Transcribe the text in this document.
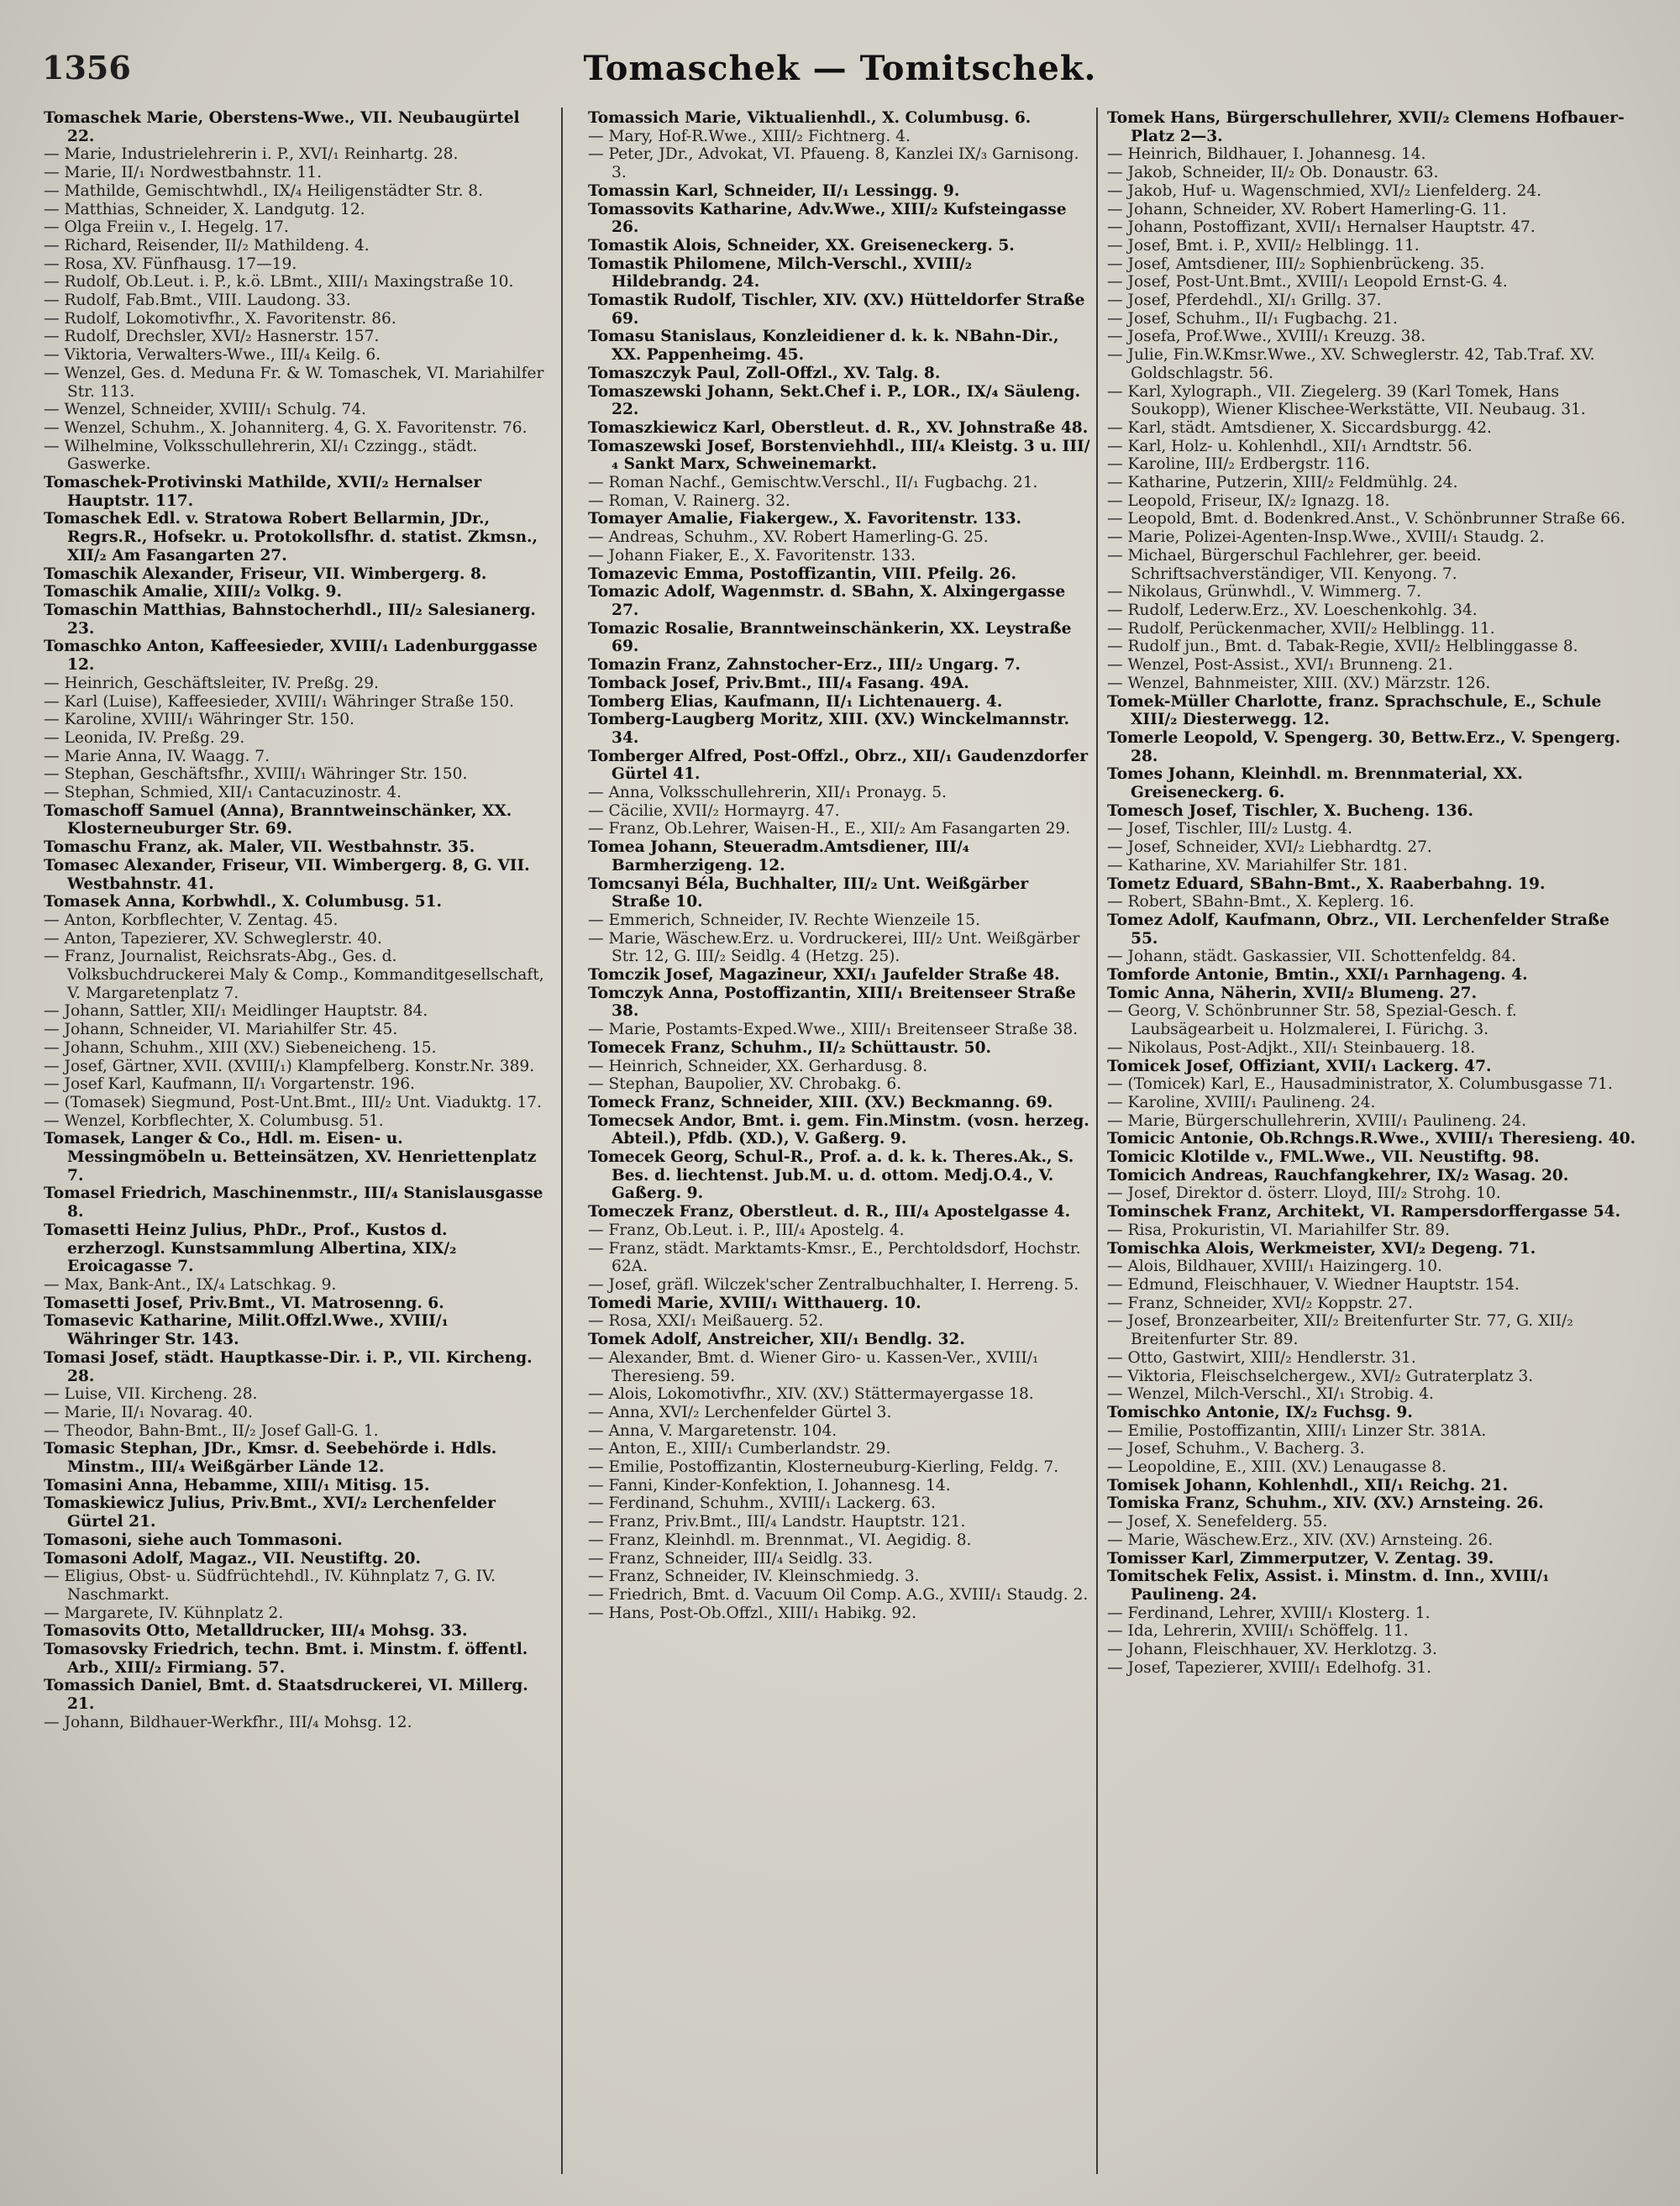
1356	Tomaschek — Tomitschek.
Tomaschek Marie, Oberstens-Wwe., VII. Neubaugürtel 22.
— Marie, Industrielehrerin i. P., XVI/₁ Reinhartg. 28.
— Marie, II/₁ Nordwestbahnstr. 11.
— Mathilde, Gemischtwhdl., IX/₄ Heiligenstädter Str. 8.
— Matthias, Schneider, X. Landgutg. 12.
— Olga Freiin v., I. Hegelg. 17.
— Richard, Reisender, II/₂ Mathildeng. 4.
— Rosa, XV. Fünfhausg. 17—19.
— Rudolf, Ob.Leut. i. P., k.ö. LBmt., XIII/₁ Maxingstraße 10.
— Rudolf, Fab.Bmt., VIII. Laudong. 33.
— Rudolf, Lokomotivfhr., X. Favoritenstr. 86.
— Rudolf, Drechsler, XVI/₂ Hasnerstr. 157.
— Viktoria, Verwalters-Wwe., III/₄ Keilg. 6.
— Wenzel, Ges. d. Meduna Fr. & W. Tomaschek, VI. Mariahilfer Str. 113.
— Wenzel, Schneider, XVIII/₁ Schulg. 74.
— Wenzel, Schuhm., X. Johanniterg. 4, G. X. Favoritenstr. 76.
— Wilhelmine, Volksschullehrerin, XI/₁ Czzingg., städt. Gaswerke.
Tomaschek-Protivinski Mathilde, XVII/₂ Hernalser Hauptstr. 117.
Tomaschek Edl. v. Stratowa Robert Bellarmin, JDr., Regrs.R., Hofsekr. u. Protokollsfhr. d. statist. Zkmsn., XII/₂ Am Fasangarten 27.
Tomaschik Alexander, Friseur, VII. Wimbergerg. 8.
Tomaschik Amalie, XIII/₂ Volkg. 9.
Tomaschin Matthias, Bahnstocherhdl., III/₂ Salesianerg. 23.
Tomaschko Anton, Kaffeesieder, XVIII/₁ Ladenburggasse 12.
— Heinrich, Geschäftsleiter, IV. Preßg. 29.
— Karl (Luise), Kaffeesieder, XVIII/₁ Währinger Straße 150.
— Karoline, XVIII/₁ Währinger Str. 150.
— Leonida, IV. Preßg. 29.
— Marie Anna, IV. Waagg. 7.
— Stephan, Geschäftsfhr., XVIII/₁ Währinger Str. 150.
— Stephan, Schmied, XII/₁ Cantacuzinostr. 4.
Tomaschoff Samuel (Anna), Branntweinschänker, XX. Klosterneuburger Str. 69.
Tomaschu Franz, ak. Maler, VII. Westbahnstr. 35.
Tomasec Alexander, Friseur, VII. Wimbergerg. 8, G. VII. Westbahnstr. 41.
Tomasek Anna, Korbwhdl., X. Columbusg. 51.
— Anton, Korbflechter, V. Zentag. 45.
— Anton, Tapezierer, XV. Schweglerstr. 40.
— Franz, Journalist, Reichsrats-Abg., Ges. d. Volksbuchdruckerei Maly & Comp., Kommanditgesellschaft, V. Margaretenplatz 7.
— Johann, Sattler, XII/₁ Meidlinger Hauptstr. 84.
— Johann, Schneider, VI. Mariahilfer Str. 45.
— Johann, Schuhm., XIII (XV.) Siebeneicheng. 15.
— Josef, Gärtner, XVII. (XVIII/₁) Klampfelberg. Konstr.Nr. 389.
— Josef Karl, Kaufmann, II/₁ Vorgartenstr. 196.
— (Tomasek) Siegmund, Post-Unt.Bmt., III/₂ Unt. Viaduktg. 17.
— Wenzel, Korbflechter, X. Columbusg. 51.
Tomasek, Langer & Co., Hdl. m. Eisen- u. Messingmöbeln u. Betteinsätzen, XV. Henriettenplatz 7.
Tomasel Friedrich, Maschinenmstr., III/₄ Stanislausgasse 8.
Tomasetti Heinz Julius, PhDr., Prof., Kustos d. erzherzogl. Kunstsammlung Albertina, XIX/₂ Eroicagasse 7.
— Max, Bank-Ant., IX/₄ Latschkag. 9.
Tomasetti Josef, Priv.Bmt., VI. Matrosenng. 6.
Tomasevic Katharine, Milit.Offzl.Wwe., XVIII/₁ Währinger Str. 143.
Tomasi Josef, städt. Hauptkasse-Dir. i. P., VII. Kircheng. 28.
— Luise, VII. Kircheng. 28.
— Marie, II/₁ Novarag. 40.
— Theodor, Bahn-Bmt., II/₂ Josef Gall-G. 1.
Tomasic Stephan, JDr., Kmsr. d. Seebehörde i. Hdls. Minstm., III/₄ Weißgärber Lände 12.
Tomasini Anna, Hebamme, XIII/₁ Mitisg. 15.
Tomaskiewicz Julius, Priv.Bmt., XVI/₂ Lerchenfelder Gürtel 21.
Tomasoni, siehe auch Tommasoni.
Tomasoni Adolf, Magaz., VII. Neustiftg. 20.
— Eligius, Obst- u. Südfrüchtehdl., IV. Kühnplatz 7, G. IV. Naschmarkt.
— Margarete, IV. Kühnplatz 2.
Tomasovits Otto, Metalldrucker, III/₄ Mohsg. 33.
Tomasovsky Friedrich, techn. Bmt. i. Minstm. f. öffentl. Arb., XIII/₂ Firmiang. 57.
Tomassich Daniel, Bmt. d. Staatsdruckerei, VI. Millerg. 21.
— Johann, Bildhauer-Werkfhr., III/₄ Mohsg. 12.
Tomassich Marie, Viktualienhdl., X. Columbusg. 6.
— Mary, Hof-R.Wwe., XIII/₂ Fichtnerg. 4.
— Peter, JDr., Advokat, VI. Pfaueng. 8, Kanzlei IX/₃ Garnisong. 3.
Tomassin Karl, Schneider, II/₁ Lessingg. 9.
Tomassovits Katharine, Adv.Wwe., XIII/₂ Kufsteingasse 26.
Tomastik Alois, Schneider, XX. Greiseneckerg. 5.
Tomastik Philomene, Milch-Verschl., XVIII/₂ Hildebrandg. 24.
Tomastik Rudolf, Tischler, XIV. (XV.) Hütteldorfer Straße 69.
Tomasu Stanislaus, Konzleidiener d. k. k. NBahn-Dir., XX. Pappenheimg. 45.
Tomaszczyk Paul, Zoll-Offzl., XV. Talg. 8.
Tomaszewski Johann, Sekt.Chef i. P., LOR., IX/₄ Säuleng. 22.
Tomaszkiewicz Karl, Oberstleut. d. R., XV. Johnstraße 48.
Tomaszewski Josef, Borstenviehhdl., III/₄ Kleistg. 3 u. III/₄ Sankt Marx, Schweinemarkt.
— Roman Nachf., Gemischtw.Verschl., II/₁ Fugbachg. 21.
— Roman, V. Rainerg. 32.
Tomayer Amalie, Fiakergew., X. Favoritenstr. 133.
— Andreas, Schuhm., XV. Robert Hamerling-G. 25.
— Johann Fiaker, E., X. Favoritenstr. 133.
Tomazevic Emma, Postoffizantin, VIII. Pfeilg. 26.
Tomazic Adolf, Wagenmstr. d. SBahn, X. Alxingergasse 27.
Tomazic Rosalie, Branntweinschänkerin, XX. Leystraße 69.
Tomazin Franz, Zahnstocher-Erz., III/₂ Ungarg. 7.
Tomback Josef, Priv.Bmt., III/₄ Fasang. 49A.
Tomberg Elias, Kaufmann, II/₁ Lichtenauerg. 4.
Tomberg-Laugberg Moritz, XIII. (XV.) Winckelmannstr. 34.
Tomberger Alfred, Post-Offzl., Obrz., XII/₁ Gaudenzdorfer Gürtel 41.
— Anna, Volksschullehrerin, XII/₁ Pronayg. 5.
— Cäcilie, XVII/₂ Hormayrg. 47.
— Franz, Ob.Lehrer, Waisen-H., E., XII/₂ Am Fasangarten 29.
Tomea Johann, Steueradm.Amtsdiener, III/₄ Barmherzigeng. 12.
Tomcsanyi Béla, Buchhalter, III/₂ Unt. Weißgärber Straße 10.
— Emmerich, Schneider, IV. Rechte Wienzeile 15.
— Marie, Wäschew.Erz. u. Vordruckerei, III/₂ Unt. Weißgärber Str. 12, G. III/₂ Seidlg. 4 (Hetzg. 25).
Tomczik Josef, Magazineur, XXI/₁ Jaufelder Straße 48.
Tomczyk Anna, Postoffizantin, XIII/₁ Breitenseer Straße 38.
— Marie, Postamts-Exped.Wwe., XIII/₁ Breitenseer Straße 38.
Tomecek Franz, Schuhm., II/₂ Schüttaustr. 50.
— Heinrich, Schneider, XX. Gerhardusg. 8.
— Stephan, Baupolier, XV. Chrobakg. 6.
Tomeck Franz, Schneider, XIII. (XV.) Beckmanng. 69.
Tomecsek Andor, Bmt. i. gem. Fin.Minstm. (vosn. herzeg. Abteil.), Pfdb. (XD.), V. Gaßerg. 9.
Tomecek Georg, Schul-R., Prof. a. d. k. k. Theres.Ak., S. Bes. d. liechtenst. Jub.M. u. d. ottom. Medj.O.4., V. Gaßerg. 9.
Tomeczek Franz, Oberstleut. d. R., III/₄ Apostelgasse 4.
— Franz, Ob.Leut. i. P., III/₄ Apostelg. 4.
— Franz, städt. Marktamts-Kmsr., E., Perchtoldsdorf, Hochstr. 62A.
— Josef, gräfl. Wilczek'scher Zentralbuchhalter, I. Herreng. 5.
Tomedi Marie, XVIII/₁ Witthauerg. 10.
— Rosa, XXI/₁ Meißauerg. 52.
Tomek Adolf, Anstreicher, XII/₁ Bendlg. 32.
— Alexander, Bmt. d. Wiener Giro- u. Kassen-Ver., XVIII/₁ Theresieng. 59.
— Alois, Lokomotivfhr., XIV. (XV.) Stättermayergasse 18.
— Anna, XVI/₂ Lerchenfelder Gürtel 3.
— Anna, V. Margaretenstr. 104.
— Anton, E., XIII/₁ Cumberlandstr. 29.
— Emilie, Postoffizantin, Klosterneuburg-Kierling, Feldg. 7.
— Fanni, Kinder-Konfektion, I. Johannesg. 14.
— Ferdinand, Schuhm., XVIII/₁ Lackerg. 63.
— Franz, Priv.Bmt., III/₄ Landstr. Hauptstr. 121.
— Franz, Kleinhdl. m. Brennmat., VI. Aegidig. 8.
— Franz, Schneider, III/₄ Seidlg. 33.
— Franz, Schneider, IV. Kleinschmiedg. 3.
— Friedrich, Bmt. d. Vacuum Oil Comp. A.G., XVIII/₁ Staudg. 2.
— Hans, Post-Ob.Offzl., XIII/₁ Habikg. 92.
Tomek Hans, Bürgerschullehrer, XVII/₂ Clemens Hofbauer-Platz 2—3.
— Heinrich, Bildhauer, I. Johannesg. 14.
— Jakob, Schneider, II/₂ Ob. Donaustr. 63.
— Jakob, Huf- u. Wagenschmied, XVI/₂ Lienfelderg. 24.
— Johann, Schneider, XV. Robert Hamerling-G. 11.
— Johann, Postoffizant, XVII/₁ Hernalser Hauptstr. 47.
— Josef, Bmt. i. P., XVII/₂ Helblingg. 11.
— Josef, Amtsdiener, III/₂ Sophienbrückeng. 35.
— Josef, Post-Unt.Bmt., XVIII/₁ Leopold Ernst-G. 4.
— Josef, Pferdehdl., XI/₁ Grillg. 37.
— Josef, Schuhm., II/₁ Fugbachg. 21.
— Josefa, Prof.Wwe., XVIII/₁ Kreuzg. 38.
— Julie, Fin.W.Kmsr.Wwe., XV. Schweglerstr. 42, Tab.Traf. XV. Goldschlagstr. 56.
— Karl, Xylograph., VII. Ziegelerg. 39 (Karl Tomek, Hans Soukopp), Wiener Klischee-Werkstätte, VII. Neubaug. 31.
— Karl, städt. Amtsdiener, X. Siccardsburgg. 42.
— Karl, Holz- u. Kohlenhdl., XII/₁ Arndtstr. 56.
— Karoline, III/₂ Erdbergstr. 116.
— Katharine, Putzerin, XIII/₂ Feldmühlg. 24.
— Leopold, Friseur, IX/₂ Ignazg. 18.
— Leopold, Bmt. d. Bodenkred.Anst., V. Schönbrunner Straße 66.
— Marie, Polizei-Agenten-Insp.Wwe., XVIII/₁ Staudg. 2.
— Michael, Bürgerschul Fachlehrer, ger. beeid. Schriftsachverständiger, VII. Kenyong. 7.
— Nikolaus, Grünwhdl., V. Wimmerg. 7.
— Rudolf, Lederw.Erz., XV. Loeschenkohlg. 34.
— Rudolf, Perückenmacher, XVII/₂ Helblingg. 11.
— Rudolf jun., Bmt. d. Tabak-Regie, XVII/₂ Helblinggasse 8.
— Wenzel, Post-Assist., XVI/₁ Brunneng. 21.
— Wenzel, Bahnmeister, XIII. (XV.) Märzstr. 126.
Tomek-Müller Charlotte, franz. Sprachschule, E., Schule XIII/₂ Diesterwegg. 12.
Tomerle Leopold, V. Spengerg. 30, Bettw.Erz., V. Spengerg. 28.
Tomes Johann, Kleinhdl. m. Brennmaterial, XX. Greiseneckerg. 6.
Tomesch Josef, Tischler, X. Bucheng. 136.
— Josef, Tischler, III/₂ Lustg. 4.
— Josef, Schneider, XVI/₂ Liebhardtg. 27.
— Katharine, XV. Mariahilfer Str. 181.
Tometz Eduard, SBahn-Bmt., X. Raaberbahng. 19.
— Robert, SBahn-Bmt., X. Keplerg. 16.
Tomez Adolf, Kaufmann, Obrz., VII. Lerchenfelder Straße 55.
— Johann, städt. Gaskassier, VII. Schottenfeldg. 84.
Tomforde Antonie, Bmtin., XXI/₁ Parnhageng. 4.
Tomic Anna, Näherin, XVII/₂ Blumeng. 27.
— Georg, V. Schönbrunner Str. 58, Spezial-Gesch. f. Laubsägearbeit u. Holzmalerei, I. Fürichg. 3.
— Nikolaus, Post-Adjkt., XII/₁ Steinbauerg. 18.
Tomicek Josef, Offiziant, XVII/₁ Lackerg. 47.
— (Tomicek) Karl, E., Hausadministrator, X. Columbusgasse 71.
— Karoline, XVIII/₁ Paulineng. 24.
— Marie, Bürgerschullehrerin, XVIII/₁ Paulineng. 24.
Tomicic Antonie, Ob.Rchngs.R.Wwe., XVIII/₁ Theresieng. 40.
Tomicic Klotilde v., FML.Wwe., VII. Neustiftg. 98.
Tomicich Andreas, Rauchfangkehrer, IX/₂ Wasag. 20.
— Josef, Direktor d. österr. Lloyd, III/₂ Strohg. 10.
Tominschek Franz, Architekt, VI. Rampersdorffergasse 54.
— Risa, Prokuristin, VI. Mariahilfer Str. 89.
Tomischka Alois, Werkmeister, XVI/₂ Degeng. 71.
— Alois, Bildhauer, XVIII/₁ Haizingerg. 10.
— Edmund, Fleischhauer, V. Wiedner Hauptstr. 154.
— Franz, Schneider, XVI/₂ Koppstr. 27.
— Josef, Bronzearbeiter, XII/₂ Breitenfurter Str. 77, G. XII/₂ Breitenfurter Str. 89.
— Otto, Gastwirt, XIII/₂ Hendlerstr. 31.
— Viktoria, Fleischselchergew., XVI/₂ Gutraterplatz 3.
— Wenzel, Milch-Verschl., XI/₁ Strobig. 4.
Tomischko Antonie, IX/₂ Fuchsg. 9.
— Emilie, Postoffizantin, XIII/₁ Linzer Str. 381A.
— Josef, Schuhm., V. Bacherg. 3.
— Leopoldine, E., XIII. (XV.) Lenaugasse 8.
Tomisek Johann, Kohlenhdl., XII/₁ Reichg. 21.
Tomiska Franz, Schuhm., XIV. (XV.) Arnsteing. 26.
— Josef, X. Senefelderg. 55.
— Marie, Wäschew.Erz., XIV. (XV.) Arnsteing. 26.
Tomisser Karl, Zimmerputzer, V. Zentag. 39.
Tomitschek Felix, Assist. i. Minstm. d. Inn., XVIII/₁ Paulineng. 24.
— Ferdinand, Lehrer, XVIII/₁ Klosterg. 1.
— Ida, Lehrerin, XVIII/₁ Schöffelg. 11.
— Johann, Fleischhauer, XV. Herklotzg. 3.
— Josef, Tapezierer, XVIII/₁ Edelhofg. 31.
